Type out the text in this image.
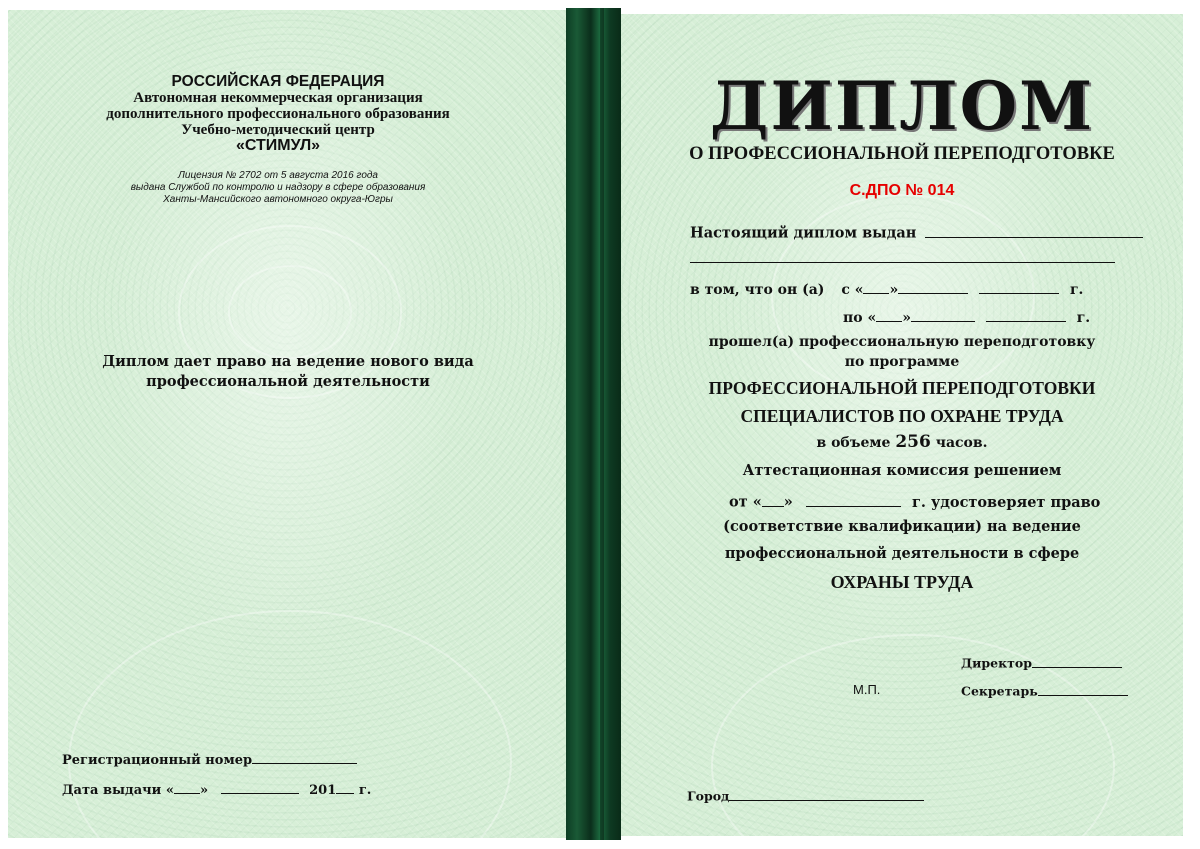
РОССИЙСКАЯ ФЕДЕРАЦИЯ
Автономная некоммерческая организация
дополнительного профессионального образования
Учебно-методический центр
«СТИМУЛ»
Лицензия № 2702 от 5 августа 2016 года
выдана Службой по контролю и надзору в сфере образования
Ханты-Мансийского автономного округа-Югры
Диплом дает право на ведение нового вида
профессиональной деятельности
Регистрационный номер
Дата выдачи « »	201 г.
ДИПЛОМ
О ПРОФЕССИОНАЛЬНОЙ ПЕРЕПОДГОТОВКЕ
С.ДПО № 014
Настоящий диплом выдан
в том, что он (а) с « »	г.
по « »	г.
прошел(а) профессиональную переподготовку
по программе
ПРОФЕССИОНАЛЬНОЙ ПЕРЕПОДГОТОВКИ
СПЕЦИАЛИСТОВ ПО ОХРАНЕ ТРУДА
в объеме 256 часов.
Аттестационная комиссия решением
от « »	г. удостоверяет право
(соответствие квалификации) на ведение
профессиональной деятельности в сфере
ОХРАНЫ ТРУДА
Директор
М.П.	Секретарь
Город
